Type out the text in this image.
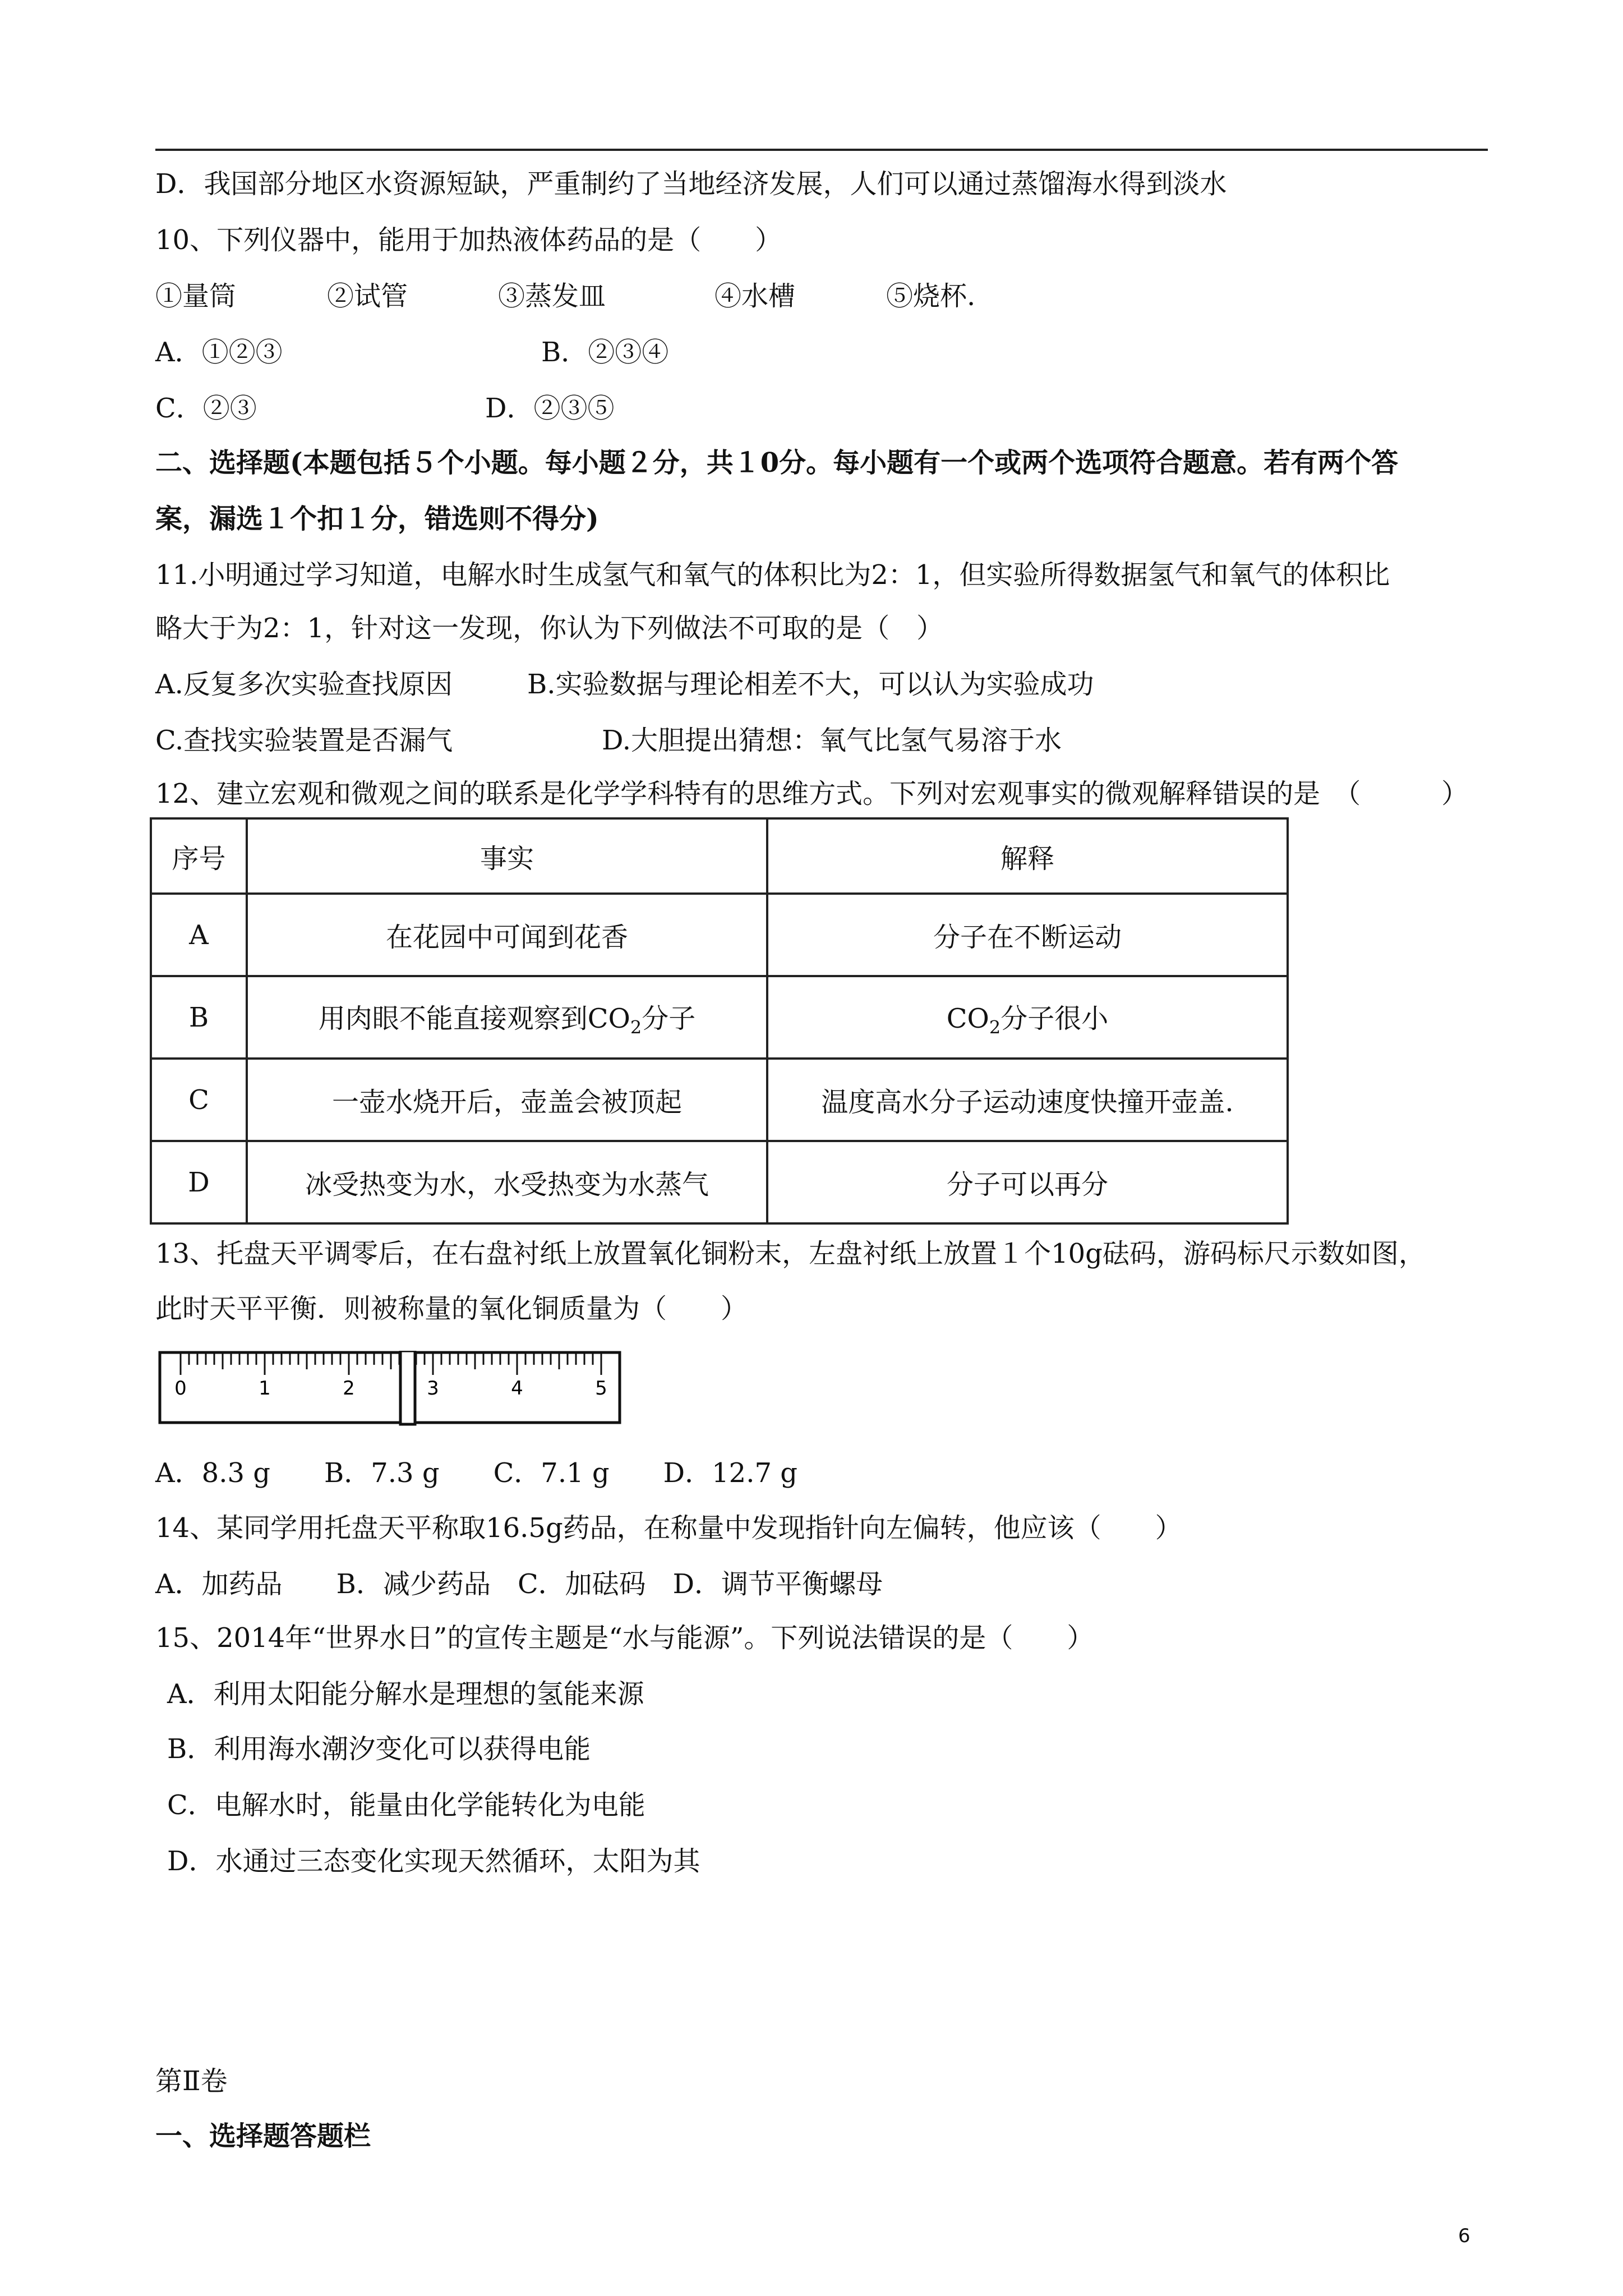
D．我国部分地区水资源短缺，严重制约了当地经济发展，人们可以通过蒸馏海水得到淡水
10、下列仪器中，能用于加热液体药品的是（　　）
①量筒	②试管	③蒸发皿	④水槽	⑤烧杯.
A．①②③	B．②③④
C．②③	D．②③⑤
二、选择题(本题包括５个小题。每小题２分，共１0分。每小题有一个或两个选项符合题意。若有两个答
案，漏选１个扣１分，错选则不得分)
11.小明通过学习知道，电解水时生成氢气和氧气的体积比为2：1，但实验所得数据氢气和氧气的体积比
略大于为2：1，针对这一发现，你认为下列做法不可取的是（　）
A.反复多次实验查找原因	B.实验数据与理论相差不大，可以认为实验成功
C.查找实验装置是否漏气	D.大胆提出猜想：氧气比氢气易溶于水
12、建立宏观和微观之间的联系是化学学科特有的思维方式。下列对宏观事实的微观解释错误的是　（　　　）
序号	事实	解释
A	在花园中可闻到花香	分子在不断运动
B	用肉眼不能直接观察到$CO_2$分子	$CO_2$分子很小
C	一壶水烧开后，壶盖会被顶起	温度高水分子运动速度快撞开壶盖.
D	冰受热变为水，水受热变为水蒸气	分子可以再分
13、托盘天平调零后，在右盘衬纸上放置氧化铜粉末，左盘衬纸上放置１个10g砝码，游码标尺示数如图，
此时天平平衡．则被称量的氧化铜质量为（　　）
0	1	2	3	4	5
A．8.3 g　　B．7.3 g　　C．7.1 g　　D．12.7 g
14、某同学用托盘天平称取16.5g药品，在称量中发现指针向左偏转，他应该（　　）
A．加药品　　B．减少药品　C．加砝码　D．调节平衡螺母
15、2014年“世界水日”的宣传主题是“水与能源”。下列说法错误的是（　　）
A．利用太阳能分解水是理想的氢能来源
B．利用海水潮汐变化可以获得电能
C．电解水时，能量由化学能转化为电能
D．水通过三态变化实现天然循环，太阳为其
第Ⅱ卷
一、选择题答题栏
6
